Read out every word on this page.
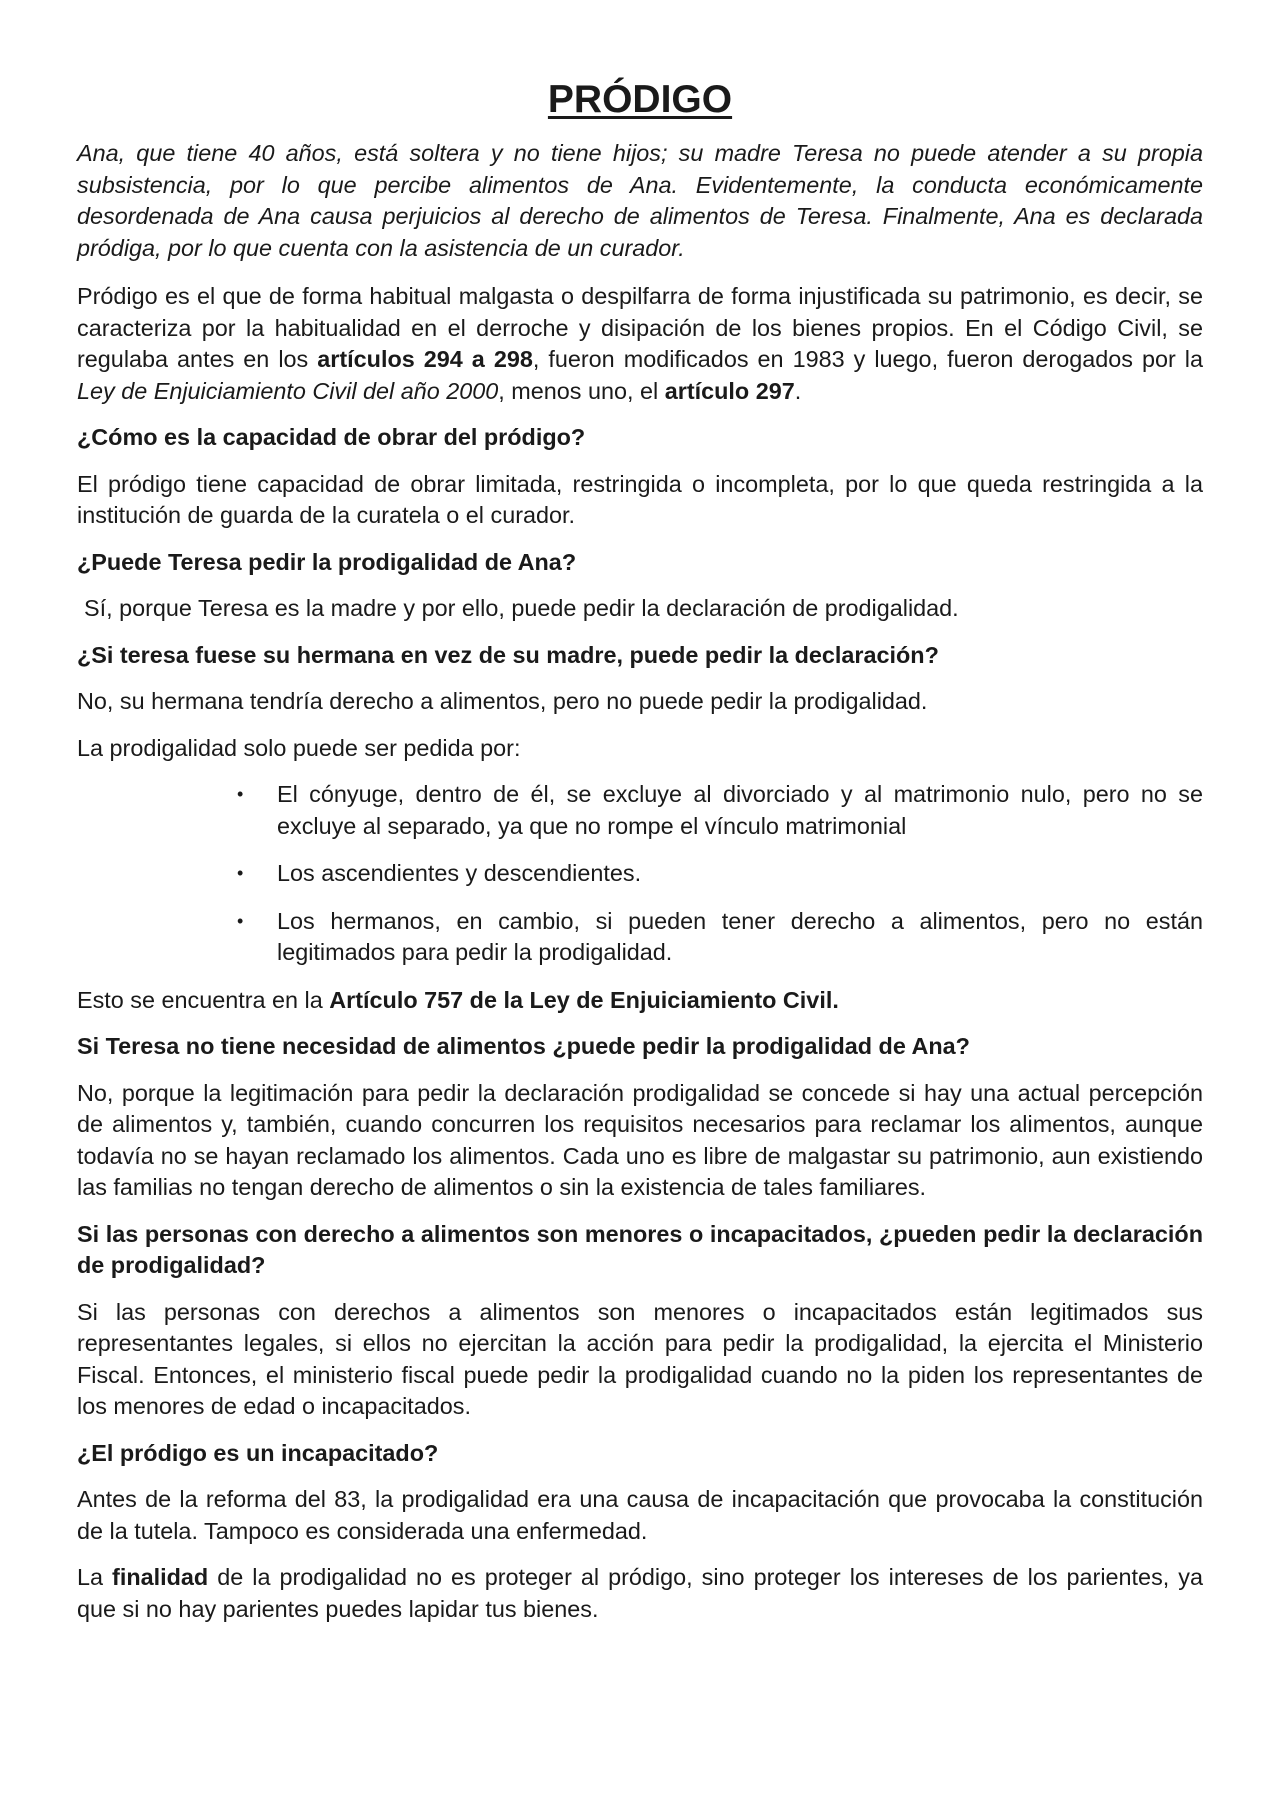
PRÓDIGO

Ana, que tiene 40 años, está soltera y no tiene hijos; su madre Teresa no puede atender a su propia subsistencia, por lo que percibe alimentos de Ana. Evidentemente, la conducta económicamente desordenada de Ana causa perjuicios al derecho de alimentos de Teresa. Finalmente, Ana es declarada pródiga, por lo que cuenta con la asistencia de un curador.

Pródigo es el que de forma habitual malgasta o despilfarra de forma injustificada su patrimonio, es decir, se caracteriza por la habitualidad en el derroche y disipación de los bienes propios. En el Código Civil, se regulaba antes en los artículos 294 a 298, fueron modificados en 1983 y luego, fueron derogados por la Ley de Enjuiciamiento Civil del año 2000, menos uno, el artículo 297.

¿Cómo es la capacidad de obrar del pródigo?

El pródigo tiene capacidad de obrar limitada, restringida o incompleta, por lo que queda restringida a la institución de guarda de la curatela o el curador.

¿Puede Teresa pedir la prodigalidad de Ana?

Sí, porque Teresa es la madre y por ello, puede pedir la declaración de prodigalidad.

¿Si teresa fuese su hermana en vez de su madre, puede pedir la declaración?

No, su hermana tendría derecho a alimentos, pero no puede pedir la prodigalidad.

La prodigalidad solo puede ser pedida por:

• El cónyuge, dentro de él, se excluye al divorciado y al matrimonio nulo, pero no se excluye al separado, ya que no rompe el vínculo matrimonial
• Los ascendientes y descendientes.
• Los hermanos, en cambio, si pueden tener derecho a alimentos, pero no están legitimados para pedir la prodigalidad.

Esto se encuentra en la Artículo 757 de la Ley de Enjuiciamiento Civil.

Si Teresa no tiene necesidad de alimentos ¿puede pedir la prodigalidad de Ana?

No, porque la legitimación para pedir la declaración prodigalidad se concede si hay una actual percepción de alimentos y, también, cuando concurren los requisitos necesarios para reclamar los alimentos, aunque todavía no se hayan reclamado los alimentos. Cada uno es libre de malgastar su patrimonio, aun existiendo las familias no tengan derecho de alimentos o sin la existencia de tales familiares.

Si las personas con derecho a alimentos son menores o incapacitados, ¿pueden pedir la declaración de prodigalidad?

Si las personas con derechos a alimentos son menores o incapacitados están legitimados sus representantes legales, si ellos no ejercitan la acción para pedir la prodigalidad, la ejercita el Ministerio Fiscal. Entonces, el ministerio fiscal puede pedir la prodigalidad cuando no la piden los representantes de los menores de edad o incapacitados.

¿El pródigo es un incapacitado?

Antes de la reforma del 83, la prodigalidad era una causa de incapacitación que provocaba la constitución de la tutela. Tampoco es considerada una enfermedad.

La finalidad de la prodigalidad no es proteger al pródigo, sino proteger los intereses de los parientes, ya que si no hay parientes puedes lapidar tus bienes.
